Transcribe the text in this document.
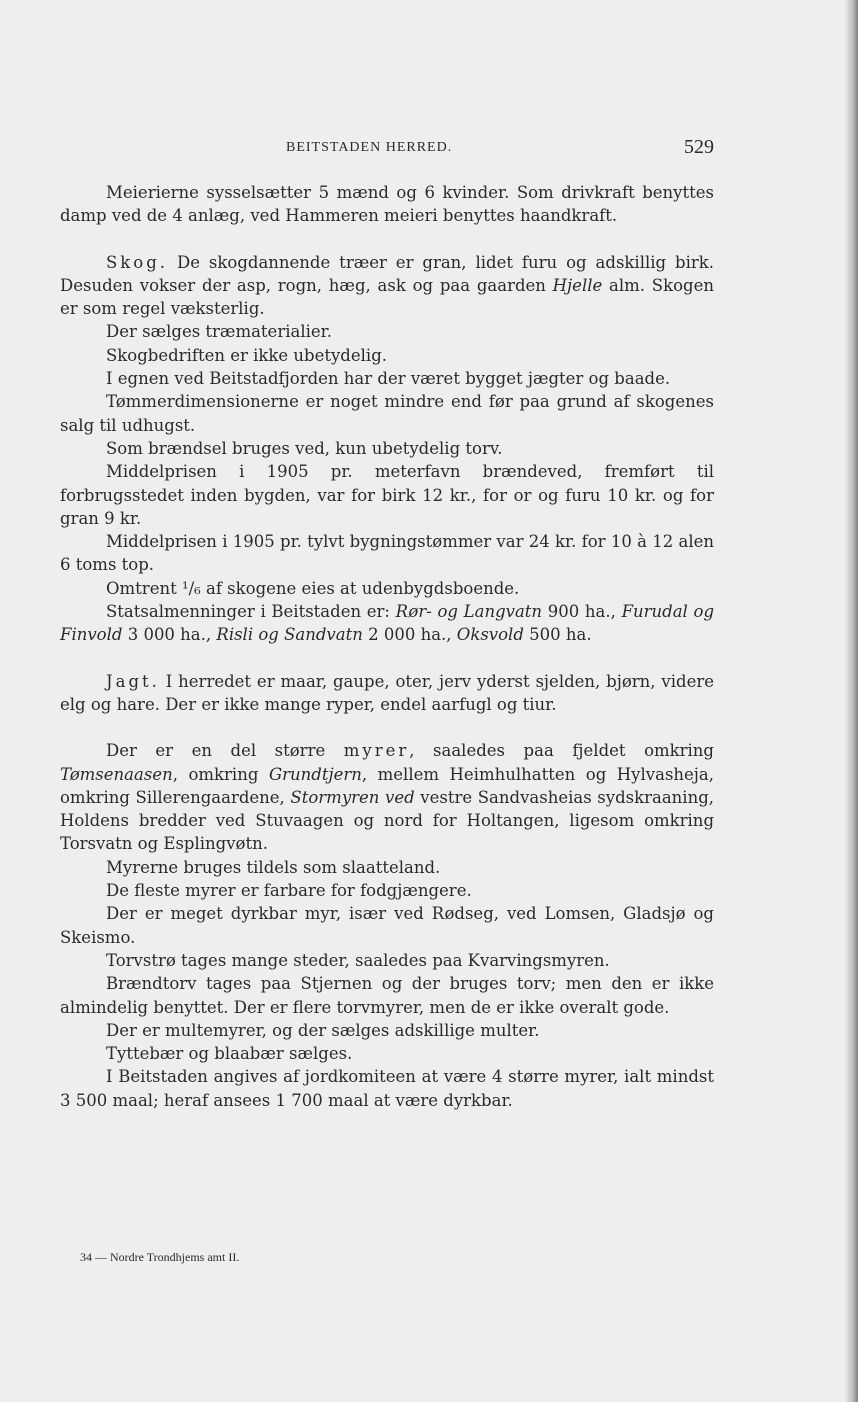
BEITSTADEN HERRED.	529

Meierierne sysselsætter 5 mænd og 6 kvinder. Som drivkraft benyttes damp ved de 4 anlæg, ved Hammeren meieri benyttes haandkraft.

Skog. De skogdannende træer er gran, lidet furu og adskillig birk. Desuden vokser der asp, rogn, hæg, ask og paa gaarden Hjelle alm. Skogen er som regel væksterlig.

Der sælges træmaterialier.

Skogbedriften er ikke ubetydelig.

I egnen ved Beitstadfjorden har der været bygget jægter og baade.

Tømmerdimensionerne er noget mindre end før paa grund af skogenes salg til udhugst.

Som brændsel bruges ved, kun ubetydelig torv.

Middelprisen i 1905 pr. meterfavn brændeved, fremført til forbrugsstedet inden bygden, var for birk 12 kr., for or og furu 10 kr. og for gran 9 kr.

Middelprisen i 1905 pr. tylvt bygningstømmer var 24 kr. for 10 à 12 alen 6 toms top.

Omtrent ¹/₆ af skogene eies at udenbygdsboende.

Statsalmenninger i Beitstaden er: Rør- og Langvatn 900 ha., Furudal og Finvold 3 000 ha., Risli og Sandvatn 2 000 ha., Oksvold 500 ha.

Jagt. I herredet er maar, gaupe, oter, jerv yderst sjelden, bjørn, videre elg og hare. Der er ikke mange ryper, endel aarfugl og tiur.

Der er en del større myrer, saaledes paa fjeldet omkring Tømsenaasen, omkring Grundtjern, mellem Heimhulhatten og Hylvasheja, omkring Sillerengaardene, Stormyren ved vestre Sandvasheias sydskraaning, Holdens bredder ved Stuvaagen og nord for Holtangen, ligesom omkring Torsvatn og Esplingvøtn.

Myrerne bruges tildels som slaatteland.

De fleste myrer er farbare for fodgjængere.

Der er meget dyrkbar myr, især ved Rødseg, ved Lomsen, Gladsjø og Skeismo.

Torvstrø tages mange steder, saaledes paa Kvarvingsmyren.

Brændtorv tages paa Stjernen og der bruges torv; men den er ikke almindelig benyttet. Der er flere torvmyrer, men de er ikke overalt gode.

Der er multemyrer, og der sælges adskillige multer.

Tyttebær og blaabær sælges.

I Beitstaden angives af jordkomiteen at være 4 større myrer, ialt mindst 3 500 maal; heraf ansees 1 700 maal at være dyrkbar.

34 — Nordre Trondhjems amt II.
